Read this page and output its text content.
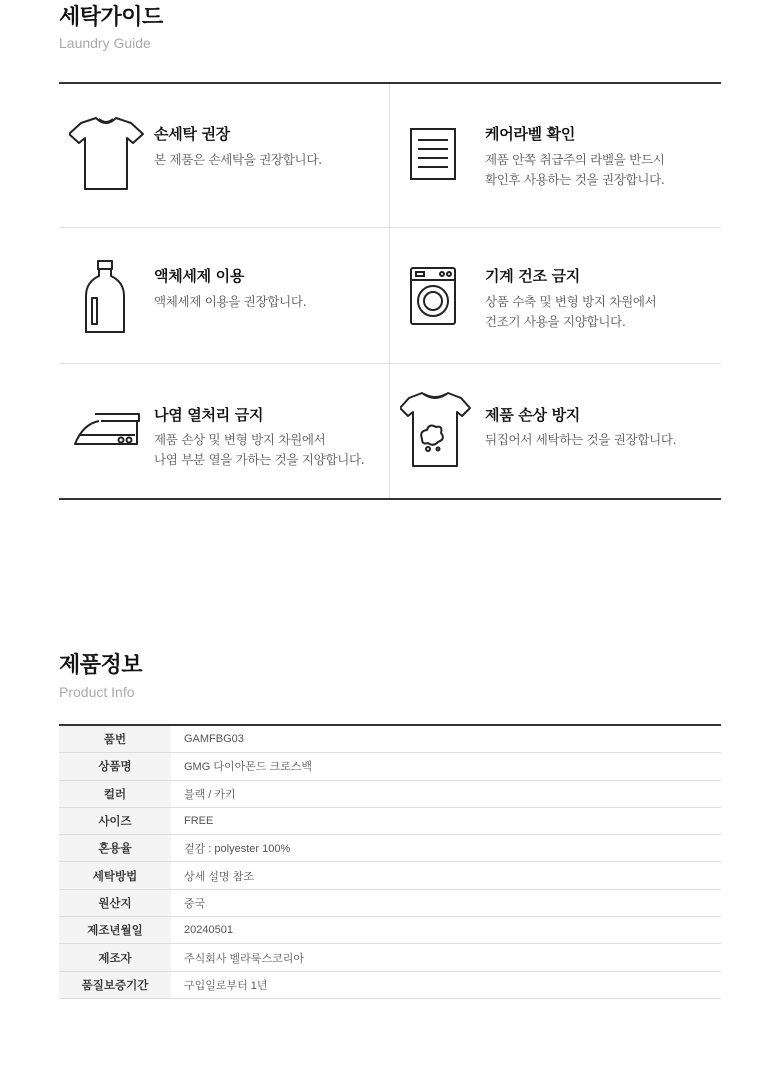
세탁가이드
Laundry Guide
손세탁 권장
본 제품은 손세탁을 권장합니다.
케어라벨 확인
제품 안쪽 취급주의 라벨을 반드시
확인후 사용하는 것을 권장합니다.
액체세제 이용
액체세제 이용을 권장합니다.
기계 건조 금지
상품 수축 및 변형 방지 차원에서
건조기 사용을 지양합니다.
나염 열처리 금지
제품 손상 및 변형 방지 차원에서
나염 부분 열을 가하는 것을 지양합니다.
제품 손상 방지
뒤집어서 세탁하는 것을 권장합니다.
제품정보
Product Info
품번	GAMFBG03
상품명	GMG 다이아몬드 크로스백
컬러	블랙 / 카키
사이즈	FREE
혼용율	겉감 : polyester 100%
세탁방법	상세 설명 참조
원산지	중국
제조년월일	20240501
제조자	주식회사 벨라룩스코리아
품질보증기간	구입일로부터 1년
